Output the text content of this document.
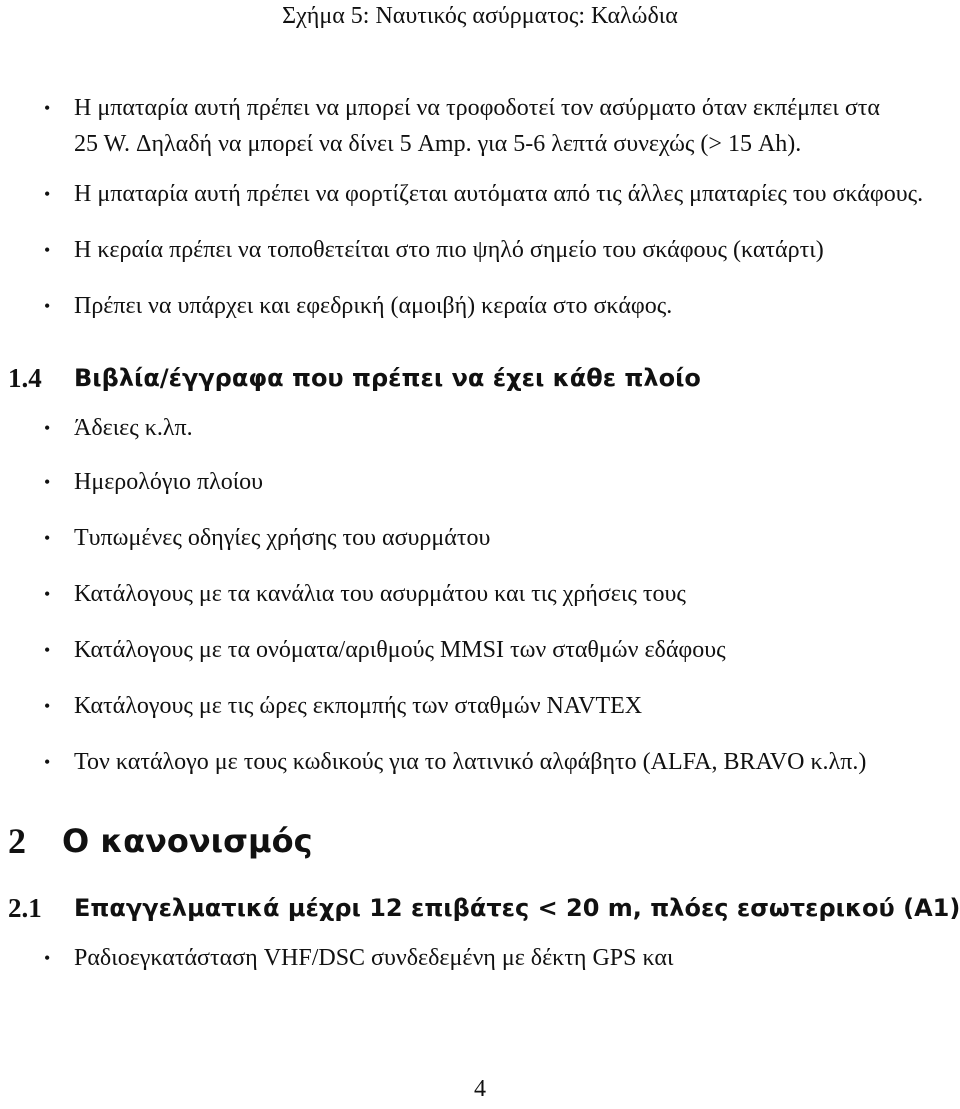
Σχήμα 5: Ναυτικός ασύρματος: Καλώδια
• Η μπαταρία αυτή πρέπει να μπορεί να τροφοδοτεί τον ασύρματο όταν εκπέμπει στα
25 W. Δηλαδή να μπορεί να δίνει 5 Amp. για 5-6 λεπτά συνεχώς (> 15 Ah).
• Η μπαταρία αυτή πρέπει να φορτίζεται αυτόματα από τις άλλες μπαταρίες του σκάφους.
• Η κεραία πρέπει να τοποθετείται στο πιο ψηλό σημείο του σκάφους (κατάρτι)
• Πρέπει να υπάρχει και εφεδρική (αμοιβή) κεραία στο σκάφος.
1.4 Βιβλία/έγγραφα που πρέπει να έχει κάθε πλοίο
• Άδειες κ.λπ.
• Ημερολόγιο πλοίου
• Τυπωμένες οδηγίες χρήσης του ασυρμάτου
• Κατάλογους με τα κανάλια του ασυρμάτου και τις χρήσεις τους
• Κατάλογους με τα ονόματα/αριθμούς MMSI των σταθμών εδάφους
• Κατάλογους με τις ώρες εκπομπής των σταθμών NAVTEX
• Τον κατάλογο με τους κωδικούς για το λατινικό αλφάβητο (ALFA, BRAVO κ.λπ.)
2 Ο κανονισμός
2.1 Επαγγελματικά μέχρι 12 επιβάτες < 20 m, πλόες εσωτερικού (A1)
• Ραδιοεγκατάσταση VHF/DSC συνδεδεμένη με δέκτη GPS και
4
